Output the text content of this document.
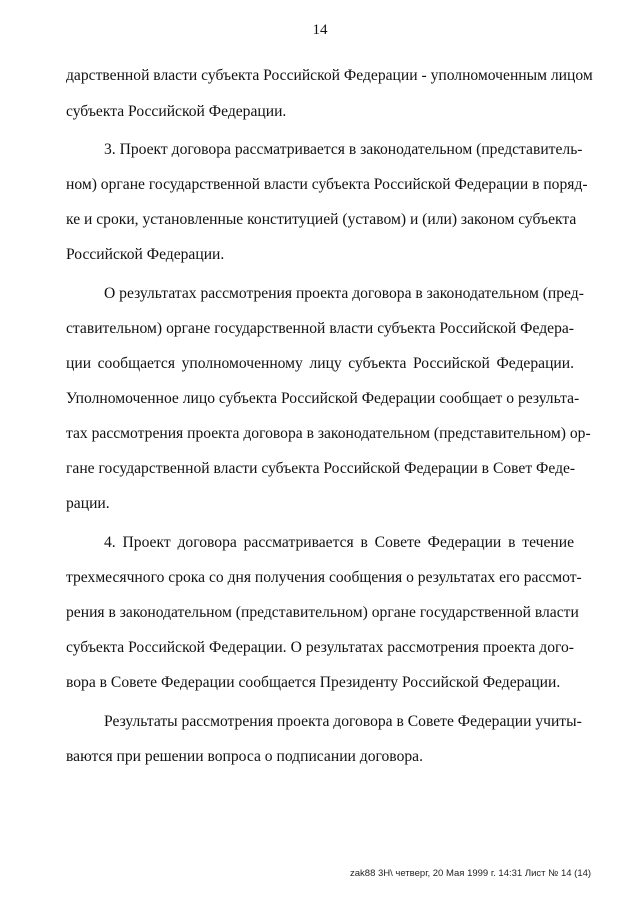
14
дарственной власти субъекта Российской Федерации - уполномоченным лицом
субъекта Российской Федерации.
3. Проект договора рассматривается в законодательном (представитель-
ном) органе государственной власти субъекта Российской Федерации в поряд-
ке и сроки, установленные конституцией (уставом) и (или) законом субъекта
Российской Федерации.
О результатах рассмотрения проекта договора в законодательном (пред-
ставительном) органе государственной власти субъекта Российской Федера-
ции сообщается уполномоченному лицу субъекта Российской Федерации.
Уполномоченное лицо субъекта Российской Федерации сообщает о результа-
тах рассмотрения проекта договора в законодательном (представительном) ор-
гане государственной власти субъекта Российской Федерации в Совет Феде-
рации.
4. Проект договора рассматривается в Совете Федерации в течение
трехмесячного срока со дня получения сообщения о результатах его рассмот-
рения в законодательном (представительном) органе государственной власти
субъекта Российской Федерации. О результатах рассмотрения проекта дого-
вора в Совете Федерации сообщается Президенту Российской Федерации.
Результаты рассмотрения проекта договора в Совете Федерации учиты-
ваются при решении вопроса о подписании договора.
zak88 3Н\ четверг, 20 Мая 1999 г. 14:31 Лист № 14 (14)
